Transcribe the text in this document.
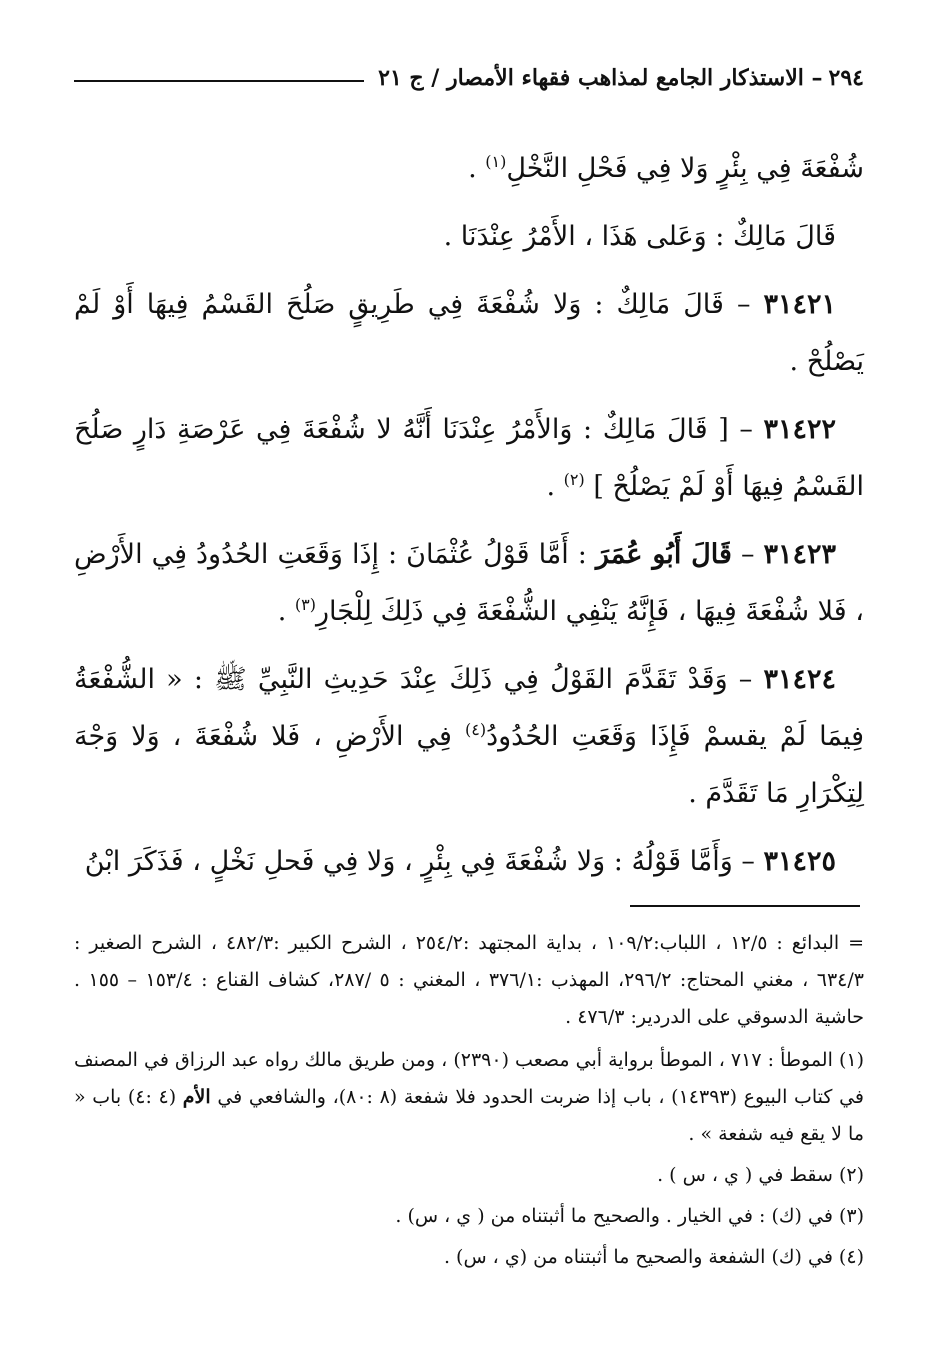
٢٩٤
– الاستذكار الجامع لمذاهب فقهاء الأمصار / ج ٢١

شُفْعَةَ فِي بِئْرٍ وَلا فِي فَحْلِ النَّخْلِ$^{(١)}$ .

قَالَ مَالِكٌ : وَعَلى هَذَا ، الأَمْرُ عِنْدَنَا .

٣١٤٢١ – قَالَ مَالِكٌ : وَلا شُفْعَةَ فِي طَرِيقٍ صَلُحَ القَسْمُ فِيهَا أَوْ لَمْ يَصْلُحْ .

٣١٤٢٢ – [ قَالَ مَالِكٌ : وَالأَمْرُ عِنْدَنَا أَنَّهُ لا شُفْعَةَ فِي عَرْصَةِ دَارٍ صَلُحَ القَسْمُ فِيهَا أَوْ لَمْ يَصْلُحْ ] $^{(٢)}$ .

٣١٤٢٣ – قَالَ أَبُو عُمَرَ : أَمَّا قَوْلُ عُثْمَانَ : إِذَا وَقَعَتِ الحُدُودُ فِي الأَرْضِ ، فَلا شُفْعَةَ فِيهَا ، فَإِنَّهُ يَنْفِي الشُّفْعَةَ فِي ذَلِكَ لِلْجَارِ$^{(٣)}$ .

٣١٤٢٤ – وَقَدْ تَقَدَّمَ القَوْلُ فِي ذَلِكَ عِنْدَ حَدِيثِ النَّبِيِّ ﷺ : « الشُّفْعَةُ فِيمَا لَمْ يقسمْ فَإِذَا وَقَعَتِ الحُدُودُ$^{(٤)}$ فِي الأَرْضِ ، فَلا شُفْعَةَ ، وَلا وَجْهَ لِتِكْرَارِ مَا تَقَدَّمَ .

٣١٤٢٥ – وَأَمَّا قَوْلُهُ : وَلا شُفْعَةَ فِي بِئْرٍ ، وَلا فِي فَحلِ نَخْلٍ ، فَذَكَرَ ابْنُ

= البدائع : ١٢/٥ ، اللباب:١٠٩/٢ ، بداية المجتهد :٢٥٤/٢ ، الشرح الكبير :٤٨٢/٣ ، الشرح الصغير : ٦٣٤/٣ ، مغني المحتاج: ٢٩٦/٢، المهذب :٣٧٦/١ ، المغني : ٥ /٢٨٧، كشاف القناع : ١٥٣/٤ – ١٥٥ . حاشية الدسوقي على الدردير: ٤٧٦/٣ .

(١) الموطأ : ٧١٧ ، الموطأ برواية أبي مصعب (٢٣٩٠) ، ومن طريق مالك رواه عبد الرزاق في المصنف في كتاب البيوع (١٤٣٩٣) ، باب إذا ضربت الحدود فلا شفعة (٨ :٨٠)، والشافعي في الأم (٤ :٤) باب « ما لا يقع فيه شفعة » .

(٢) سقط في ( ي ، س ) .

(٣) في (ك) : في الخيار . والصحيح ما أثبتناه من ( ي ، س) .

(٤) في (ك) الشفعة والصحيح ما أثبتناه من (ي ، س) .
